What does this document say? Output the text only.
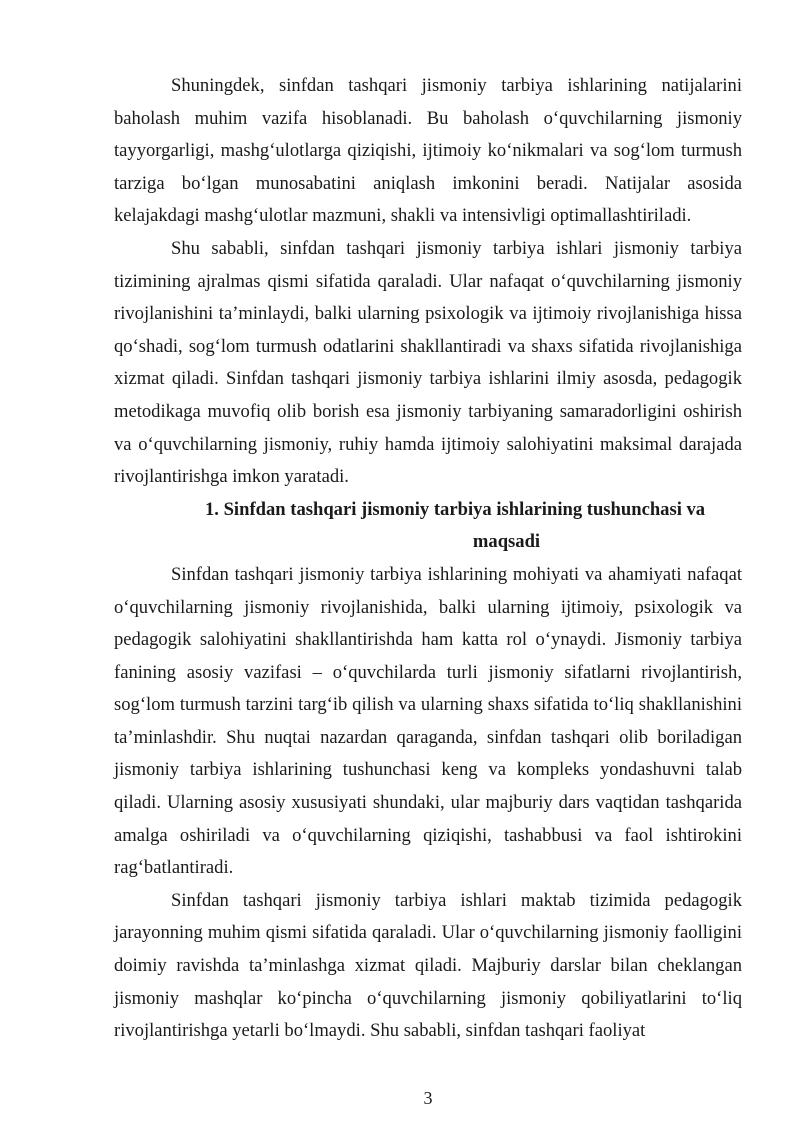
Shuningdek, sinfdan tashqari jismoniy tarbiya ishlarining natijalarini baholash muhim vazifa hisoblanadi. Bu baholash o‘quvchilarning jismoniy tayyorgarligi, mashg‘ulotlarga qiziqishi, ijtimoiy ko‘nikmalari va sog‘lom turmush tarziga bo‘lgan munosabatini aniqlash imkonini beradi. Natijalar asosida kelajakdagi mashg‘ulotlar mazmuni, shakli va intensivligi optimallashtiriladi.

Shu sababli, sinfdan tashqari jismoniy tarbiya ishlari jismoniy tarbiya tizimining ajralmas qismi sifatida qaraladi. Ular nafaqat o‘quvchilarning jismoniy rivojlanishini ta’minlaydi, balki ularning psixologik va ijtimoiy rivojlanishiga hissa qo‘shadi, sog‘lom turmush odatlarini shakllantiradi va shaxs sifatida rivojlanishiga xizmat qiladi. Sinfdan tashqari jismoniy tarbiya ishlarini ilmiy asosda, pedagogik metodikaga muvofiq olib borish esa jismoniy tarbiyaning samaradorligini oshirish va o‘quvchilarning jismoniy, ruhiy hamda ijtimoiy salohiyatini maksimal darajada rivojlantirishga imkon yaratadi.

1. Sinfdan tashqari jismoniy tarbiya ishlarining tushunchasi va
maqsadi

Sinfdan tashqari jismoniy tarbiya ishlarining mohiyati va ahamiyati nafaqat o‘quvchilarning jismoniy rivojlanishida, balki ularning ijtimoiy, psixologik va pedagogik salohiyatini shakllantirishda ham katta rol o‘ynaydi. Jismoniy tarbiya fanining asosiy vazifasi – o‘quvchilarda turli jismoniy sifatlarni rivojlantirish, sog‘lom turmush tarzini targ‘ib qilish va ularning shaxs sifatida to‘liq shakllanishini ta’minlashdir. Shu nuqtai nazardan qaraganda, sinfdan tashqari olib boriladigan jismoniy tarbiya ishlarining tushunchasi keng va kompleks yondashuvni talab qiladi. Ularning asosiy xususiyati shundaki, ular majburiy dars vaqtidan tashqarida amalga oshiriladi va o‘quvchilarning qiziqishi, tashabbusi va faol ishtirokini rag‘batlantiradi.

Sinfdan tashqari jismoniy tarbiya ishlari maktab tizimida pedagogik jarayonning muhim qismi sifatida qaraladi. Ular o‘quvchilarning jismoniy faolligini doimiy ravishda ta’minlashga xizmat qiladi. Majburiy darslar bilan cheklangan jismoniy mashqlar ko‘pincha o‘quvchilarning jismoniy qobiliyatlarini to‘liq rivojlantirishga yetarli bo‘lmaydi. Shu sababli, sinfdan tashqari faoliyat

3
